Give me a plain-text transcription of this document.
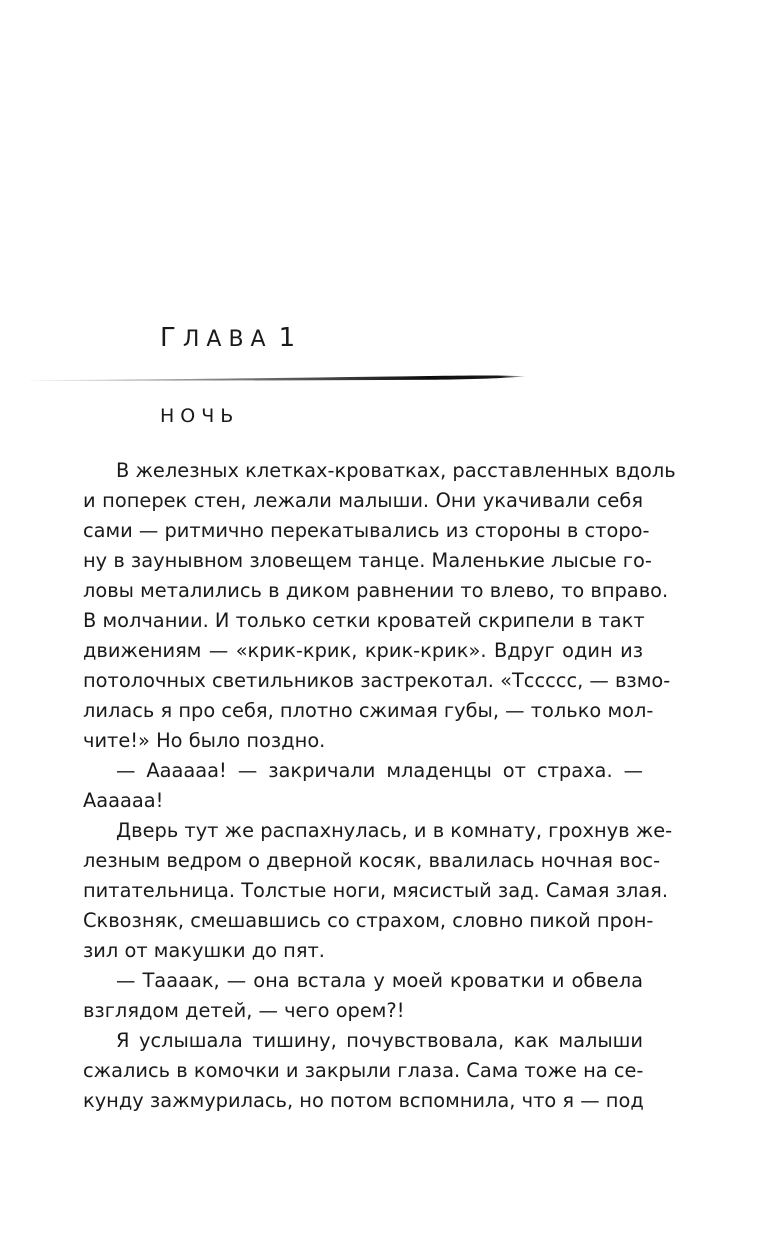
ГЛАВА 1
НОЧЬ
В железных клетках-кроватках, расставленных вдоль
и поперек стен, лежали малыши. Они укачивали себя
сами — ритмично перекатывались из стороны в сторо-
ну в заунывном зловещем танце. Маленькие лысые го-
ловы металились в диком равнении то влево, то вправо.
В молчании. И только сетки кроватей скрипели в такт
движениям — «крик-крик, крик-крик». Вдруг один из
потолочных светильников застрекотал. «Тсссcс, — взмо-
лилась я про себя, плотно сжимая губы, — только мол-
чите!» Но было поздно.
— Аааааа! — закричали младенцы от страха. —
Аааааа!
Дверь тут же распахнулась, и в комнату, грохнув же-
лезным ведром о дверной косяк, ввалилась ночная вос-
питательница. Толстые ноги, мясистый зад. Самая злая.
Сквозняк, смешавшись со страхом, словно пикой прон-
зил от макушки до пят.
— Тaaaак, — она встала у моей кроватки и обвела
взглядом детей, — чего орем?!
Я услышала тишину, почувствовала, как малыши
сжались в комочки и закрыли глаза. Сама тоже на се-
кунду зажмурилась, но потом вспомнила, что я — под
